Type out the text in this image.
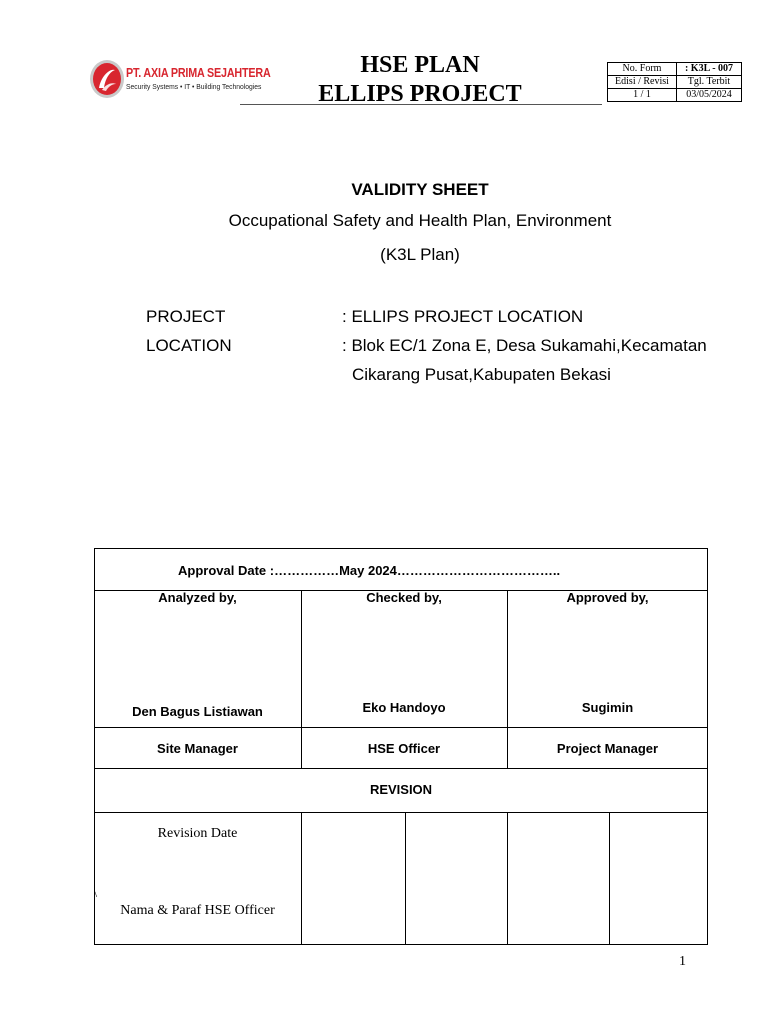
PT. AXIA PRIMA SEJAHTERA
Security Systems • IT • Building Technologies
HSE PLAN
ELLIPS PROJECT
No. Form	: K3L - 007
Edisi / Revisi	Tgl. Terbit
1 / 1	03/05/2024
VALIDITY SHEET
Occupational Safety and Health Plan, Environment
(K3L Plan)
PROJECT	: ELLIPS PROJECT LOCATION
LOCATION	: Blok EC/1 Zona E, Desa Sukamahi,Kecamatan
Cikarang Pusat,Kabupaten Bekasi
Approval Date :……………May 2024………………………………..
Analyzed by,	Checked by,	Approved by,
Den Bagus Listiawan	Eko Handoyo	Sugimin
Site Manager	HSE Officer	Project Manager
REVISION
Revision Date
\
Nama & Paraf HSE Officer
1
